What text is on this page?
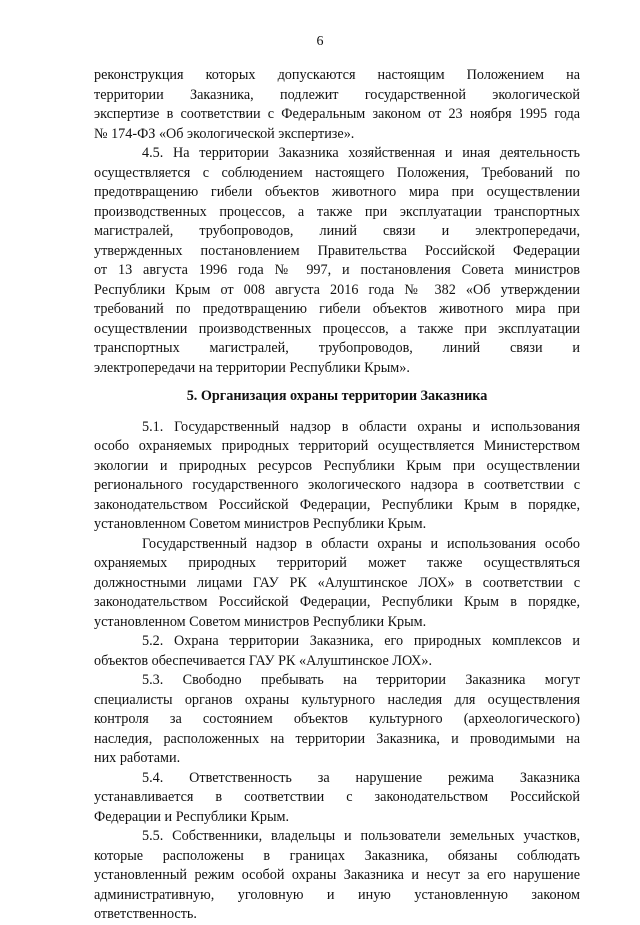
6
реконструкция которых допускаются настоящим Положением на
территории Заказника, подлежит государственной экологической
экспертизе в соответствии с Федеральным законом от 23 ноября 1995 года
№ 174-ФЗ «Об экологической экспертизе».
4.5. На территории Заказника хозяйственная и иная деятельность
осуществляется с соблюдением настоящего Положения, Требований по
предотвращению гибели объектов животного мира при осуществлении
производственных процессов, а также при эксплуатации транспортных
магистралей, трубопроводов, линий связи и электропередачи,
утвержденных постановлением Правительства Российской Федерации
от 13 августа 1996 года № 997, и постановления Совета министров
Республики Крым от 008 августа 2016 года № 382 «Об утверждении
требований по предотвращению гибели объектов животного мира при
осуществлении производственных процессов, а также при эксплуатации
транспортных магистралей, трубопроводов, линий связи и
электропередачи на территории Республики Крым».
5. Организация охраны территории Заказника
5.1. Государственный надзор в области охраны и использования
особо охраняемых природных территорий осуществляется Министерством
экологии и природных ресурсов Республики Крым при осуществлении
регионального государственного экологического надзора в соответствии с
законодательством Российской Федерации, Республики Крым в порядке,
установленном Советом министров Республики Крым.
Государственный надзор в области охраны и использования особо
охраняемых природных территорий может также осуществляться
должностными лицами ГАУ РК «Алуштинское ЛОХ» в соответствии с
законодательством Российской Федерации, Республики Крым в порядке,
установленном Советом министров Республики Крым.
5.2. Охрана территории Заказника, его природных комплексов и
объектов обеспечивается ГАУ РК «Алуштинское ЛОХ».
5.3. Свободно пребывать на территории Заказника могут
специалисты органов охраны культурного наследия для осуществления
контроля за состоянием объектов культурного (археологического)
наследия, расположенных на территории Заказника, и проводимыми на
них работами.
5.4. Ответственность за нарушение режима Заказника
устанавливается в соответствии с законодательством Российской
Федерации и Республики Крым.
5.5. Собственники, владельцы и пользователи земельных участков,
которые расположены в границах Заказника, обязаны соблюдать
установленный режим особой охраны Заказника и несут за его нарушение
административную, уголовную и иную установленную законом
ответственность.
